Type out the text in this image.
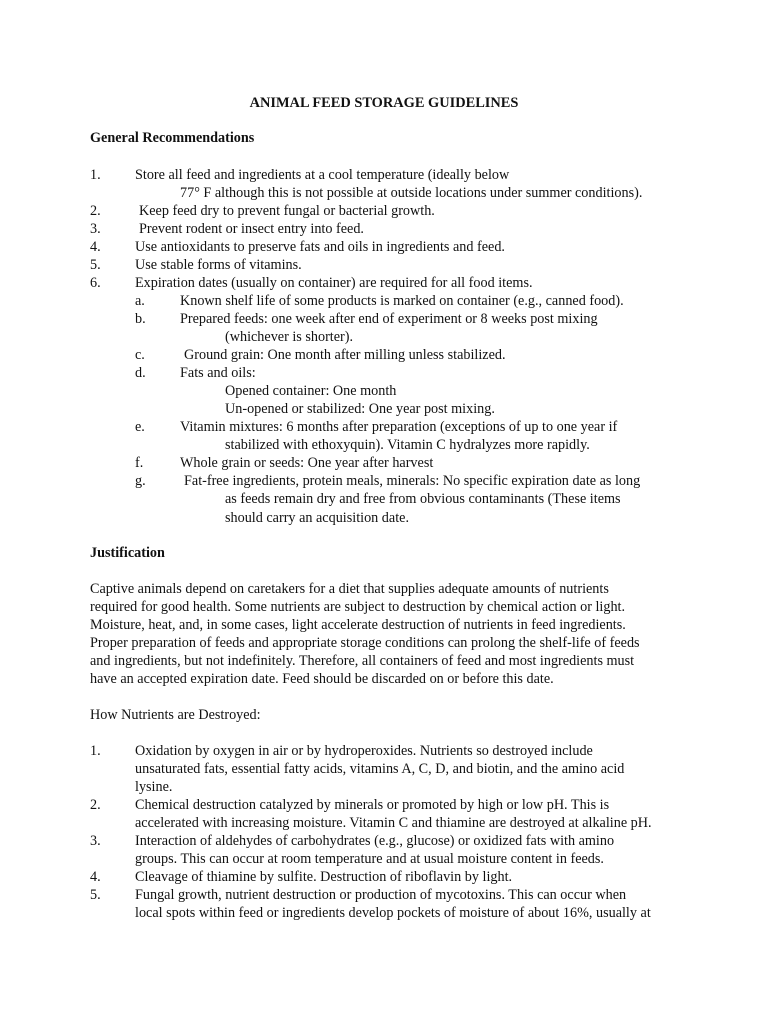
ANIMAL FEED STORAGE GUIDELINES
General Recommendations
1. Store all feed and ingredients at a cool temperature (ideally below
77° F although this is not possible at outside locations under summer conditions).
2.	Keep feed dry to prevent fungal or bacterial growth.
3.	Prevent rodent or insect entry into feed.
4. Use antioxidants to preserve fats and oils in ingredients and feed.
5. Use stable forms of vitamins.
6. Expiration dates (usually on container) are required for all food items.
a. Known shelf life of some products is marked on container (e.g., canned food).
b. Prepared feeds: one week after end of experiment or 8 weeks post mixing
(whichever is shorter).
c.	Ground grain: One month after milling unless stabilized.
d. Fats and oils:
Opened container: One month
Un-opened or stabilized: One year post mixing.
e. Vitamin mixtures: 6 months after preparation (exceptions of up to one year if
stabilized with ethoxyquin). Vitamin C hydralyzes more rapidly.
f.	Whole grain or seeds: One year after harvest
g.	Fat-free ingredients, protein meals, minerals: No specific expiration date as long
as feeds remain dry and free from obvious contaminants (These items
should carry an acquisition date.
Justification
Captive animals depend on caretakers for a diet that supplies adequate amounts of nutrients
required for good health. Some nutrients are subject to destruction by chemical action or light.
Moisture, heat, and, in some cases, light accelerate destruction of nutrients in feed ingredients.
Proper preparation of feeds and appropriate storage conditions can prolong the shelf-life of feeds
and ingredients, but not indefinitely. Therefore, all containers of feed and most ingredients must
have an accepted expiration date. Feed should be discarded on or before this date.
How Nutrients are Destroyed:
1. Oxidation by oxygen in air or by hydroperoxides. Nutrients so destroyed include
unsaturated fats, essential fatty acids, vitamins A, C, D, and biotin, and the amino acid
lysine.
2. Chemical destruction catalyzed by minerals or promoted by high or low pH. This is
accelerated with increasing moisture. Vitamin C and thiamine are destroyed at alkaline pH.
3. Interaction of aldehydes of carbohydrates (e.g., glucose) or oxidized fats with amino
groups. This can occur at room temperature and at usual moisture content in feeds.
4. Cleavage of thiamine by sulfite. Destruction of riboflavin by light.
5. Fungal growth, nutrient destruction or production of mycotoxins. This can occur when
local spots within feed or ingredients develop pockets of moisture of about 16%, usually at
